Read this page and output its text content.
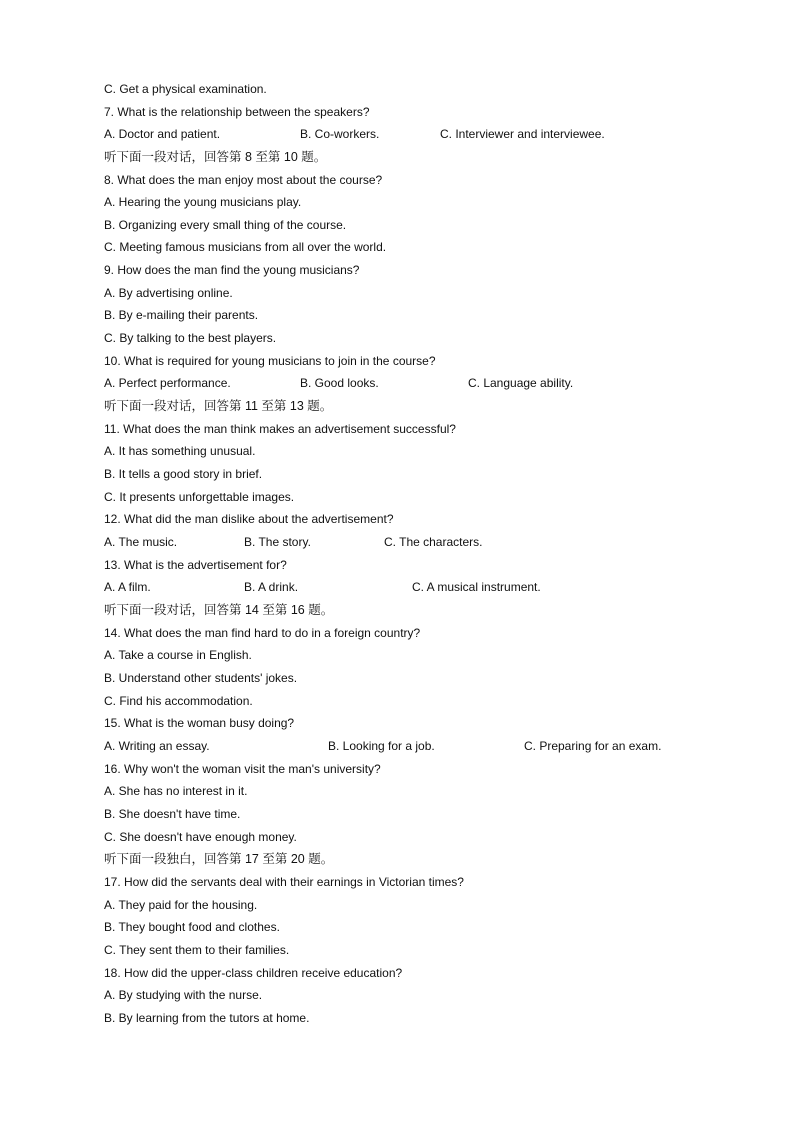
C. Get a physical examination.
7. What is the relationship between the speakers?
A. Doctor and patient.	B. Co-workers.	C. Interviewer and interviewee.
听下面一段对话，回答第 8 至第 10 题。
8. What does the man enjoy most about the course?
A. Hearing the young musicians play.
B. Organizing every small thing of the course.
C. Meeting famous musicians from all over the world.
9. How does the man find the young musicians?
A. By advertising online.
B. By e-mailing their parents.
C. By talking to the best players.
10. What is required for young musicians to join in the course?
A. Perfect performance.	B. Good looks.	C. Language ability.
听下面一段对话，回答第 11 至第 13 题。
11. What does the man think makes an advertisement successful?
A. It has something unusual.
B. It tells a good story in brief.
C. It presents unforgettable images.
12. What did the man dislike about the advertisement?
A. The music.	B. The story.	C. The characters.
13. What is the advertisement for?
A. A film.	B. A drink.	C. A musical instrument.
听下面一段对话，回答第 14 至第 16 题。
14. What does the man find hard to do in a foreign country?
A. Take a course in English.
B. Understand other students' jokes.
C. Find his accommodation.
15. What is the woman busy doing?
A. Writing an essay.	B. Looking for a job.	C. Preparing for an exam.
16. Why won't the woman visit the man's university?
A. She has no interest in it.
B. She doesn't have time.
C. She doesn't have enough money.
听下面一段独白，回答第 17 至第 20 题。
17. How did the servants deal with their earnings in Victorian times?
A. They paid for the housing.
B. They bought food and clothes.
C. They sent them to their families.
18. How did the upper-class children receive education?
A. By studying with the nurse.
B. By learning from the tutors at home.
